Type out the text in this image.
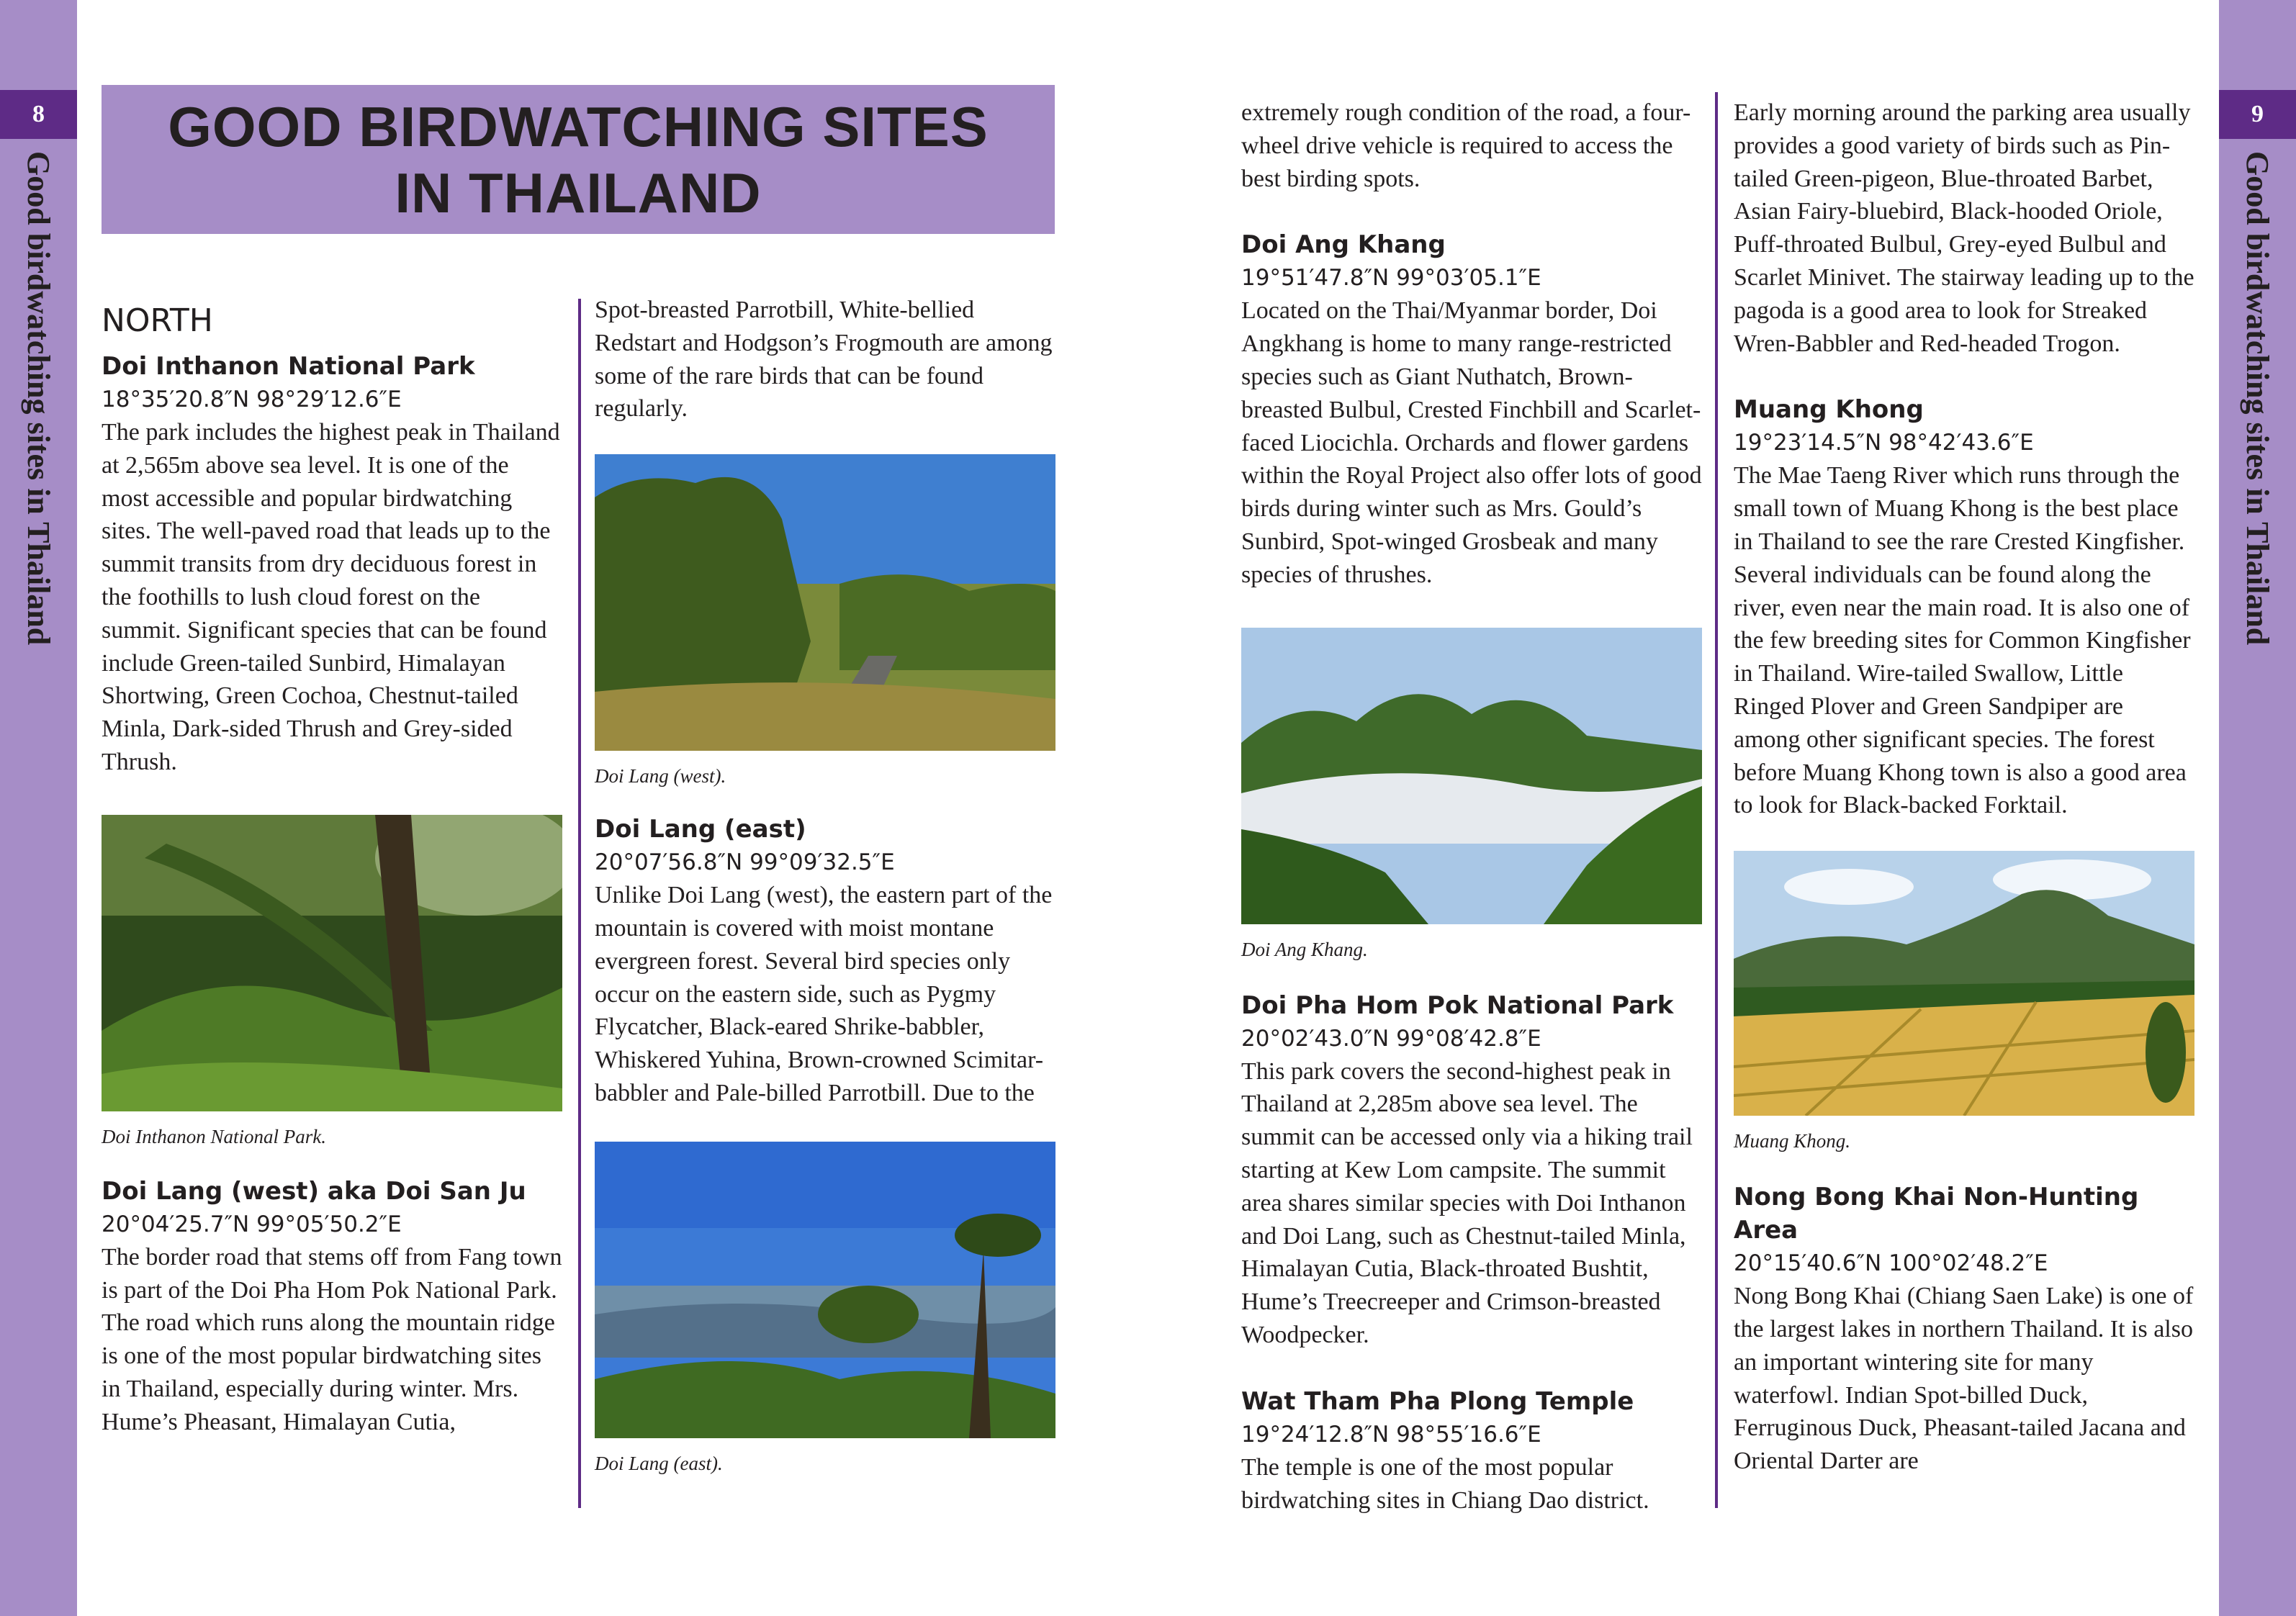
8
Good birdwatching sites in Thailand
9
Good birdwatching sites in Thailand
GOOD BIRDWATCHING SITES
IN THAILAND
NORTH

Doi Inthanon National Park

18°35′20.8″N 98°29′12.6″E

The park includes the highest peak in Thailand at 2,565m above sea level. It is one of the most accessible and popular birdwatching sites. The well-paved road that leads up to the summit transits from dry deciduous forest in the foothills to lush cloud forest on the summit. Significant species that can be found include Green-tailed Sunbird, Himalayan Shortwing, Green Cochoa, Chestnut-tailed Minla, Dark-sided Thrush and Grey-sided Thrush.

Doi Inthanon National Park.

Doi Lang (west) aka Doi San Ju

20°04′25.7″N 99°05′50.2″E

The border road that stems off from Fang town is part of the Doi Pha Hom Pok National Park. The road which runs along the mountain ridge is one of the most popular birdwatching sites in Thailand, especially during winter. Mrs. Hume’s Pheasant, Himalayan Cutia,

Spot-breasted Parrotbill, White-bellied Redstart and Hodgson’s Frogmouth are among some of the rare birds that can be found regularly.

Doi Lang (west).

Doi Lang (east)

20°07′56.8″N 99°09′32.5″E

Unlike Doi Lang (west), the eastern part of the mountain is covered with moist montane evergreen forest. Several bird species only occur on the eastern side, such as Pygmy Flycatcher, Black-eared Shrike-babbler, Whiskered Yuhina, Brown-crowned Scimitar-babbler and Pale-billed Parrotbill. Due to the

Doi Lang (east).

extremely rough condition of the road, a four-wheel drive vehicle is required to access the best birding spots.

Doi Ang Khang

19°51′47.8″N 99°03′05.1″E

Located on the Thai/Myanmar border, Doi Angkhang is home to many range-restricted species such as Giant Nuthatch, Brown-breasted Bulbul, Crested Finchbill and Scarlet-faced Liocichla. Orchards and flower gardens within the Royal Project also offer lots of good birds during winter such as Mrs. Gould’s Sunbird, Spot-winged Grosbeak and many species of thrushes.

Doi Ang Khang.

Doi Pha Hom Pok National Park

20°02′43.0″N 99°08′42.8″E

This park covers the second-highest peak in Thailand at 2,285m above sea level. The summit can be accessed only via a hiking trail starting at Kew Lom campsite. The summit area shares similar species with Doi Inthanon and Doi Lang, such as Chestnut-tailed Minla, Himalayan Cutia, Black-throated Bushtit, Hume’s Treecreeper and Crimson-breasted Woodpecker.

Wat Tham Pha Plong Temple

19°24′12.8″N 98°55′16.6″E

The temple is one of the most popular birdwatching sites in Chiang Dao district.

Early morning around the parking area usually provides a good variety of birds such as Pin-tailed Green-pigeon, Blue-throated Barbet, Asian Fairy-bluebird, Black-hooded Oriole, Puff-throated Bulbul, Grey-eyed Bulbul and Scarlet Minivet. The stairway leading up to the pagoda is a good area to look for Streaked Wren-Babbler and Red-headed Trogon.

Muang Khong

19°23′14.5″N 98°42′43.6″E

The Mae Taeng River which runs through the small town of Muang Khong is the best place in Thailand to see the rare Crested Kingfisher. Several individuals can be found along the river, even near the main road. It is also one of the few breeding sites for Common Kingfisher in Thailand. Wire-tailed Swallow, Little Ringed Plover and Green Sandpiper are among other significant species. The forest before Muang Khong town is also a good area to look for Black-backed Forktail.

Muang Khong.

Nong Bong Khai Non-Hunting Area

20°15′40.6″N 100°02′48.2″E

Nong Bong Khai (Chiang Saen Lake) is one of the largest lakes in northern Thailand. It is also an important wintering site for many waterfowl. Indian Spot-billed Duck, Ferruginous Duck, Pheasant-tailed Jacana and Oriental Darter are
